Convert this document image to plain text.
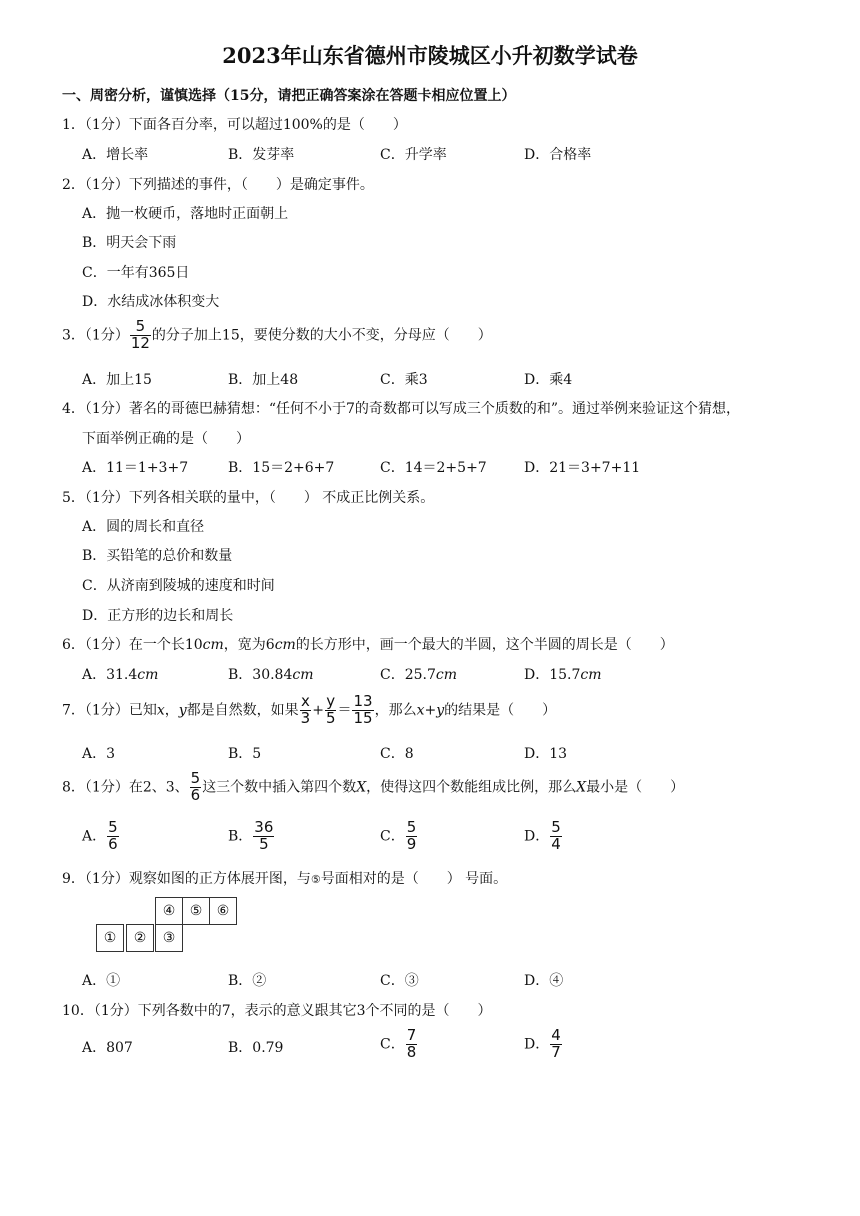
2023年山东省德州市陵城区小升初数学试卷
一、周密分析，谨慎选择（15分，请把正确答案涂在答题卡相应位置上）
1．（1分）下面各百分率，可以超过100%的是（　　）
A．增长率	B．发芽率	C．升学率	D．合格率
2．（1分）下列描述的事件，（　　）是确定事件。
A．抛一枚硬币，落地时正面朝上
B．明天会下雨
C．一年有365日
D．水结成冰体积变大
3．（1分） $\frac{5}{12}$ 的分子加上15，要使分数的大小不变，分母应（　　）
A．加上15	B．加上48	C．乘3	D．乘4
4．（1分）著名的哥德巴赫猜想：“任何不小于7的奇数都可以写成三个质数的和”。通过举例来验证这个猜想，
下面举例正确的是（　　）
A．11＝1+3+7	B．15＝2+6+7	C．14＝2+5+7	D．21＝3+7+11
5．（1分）下列各相关联的量中，（　　） 不成正比例关系。
A．圆的周长和直径
B．买铅笔的总价和数量
C．从济南到陵城的速度和时间
D．正方形的边长和周长
6．（1分）在一个长10cm，宽为6cm的长方形中，画一个最大的半圆，这个半圆的周长是（　　）
A．31.4cm	B．30.84cm	C．25.7cm	D．15.7cm
7．（1分）已知x，y都是自然数，如果 $\frac{x}{3} + \frac{y}{5} = \frac{13}{15}$ ，那么x+y的结果是（　　）
A．3	B．5	C．8	D．13
8．（1分）在2、3、 $\frac{5}{6}$ 这三个数中插入第四个数X，使得这四个数能组成比例，那么X最小是（　　）
A． $\frac{5}{6}$	B． $\frac{36}{5}$	C． $\frac{5}{9}$	D． $\frac{5}{4}$
9．（1分）观察如图的正方体展开图，与⑤号面相对的是（　　） 号面。
④ ⑤ ⑥
① ② ③
A．①	B．②	C．③	D．④
10．（1分）下列各数中的7，表示的意义跟其它3个不同的是（　　）
A．807	B．0.79	C． $\frac{7}{8}$	D． $\frac{4}{7}$
